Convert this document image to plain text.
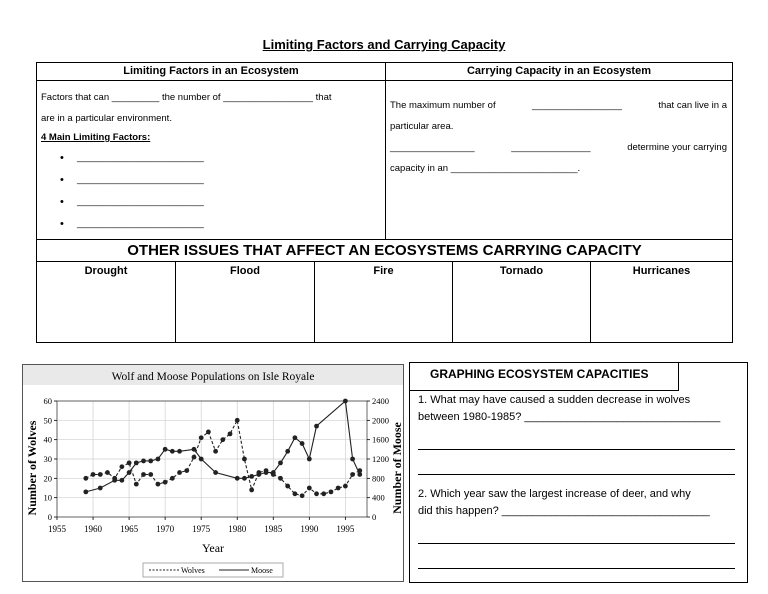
Limiting Factors and Carrying Capacity
Limiting Factors in an Ecosystem
Factors that can _________ the number of _________________ that
are in a particular environment.
4 Main Limiting Factors:
• ________________________
• ________________________
• ________________________
• ________________________
Carrying Capacity in an Ecosystem
The maximum number of	_________________	that can live in a
particular area.
________________	_______________	determine your carrying
capacity in an ________________________.
OTHER ISSUES THAT AFFECT AN ECOSYSTEMS CARRYING CAPACITY
Drought	Flood	Fire	Tornado	Hurricanes
Wolf and Moose Populations on Isle Royale
1955 1960 1965 1970 1975 1980 1985 1990 1995
0
10
20
30
40
50
60
0
400
800
1200
1600
2000
2400
Year
Number of Wolves	Number of Moose
Wolves	Moose
GRAPHING ECOSYSTEM CAPACITIES
1. What may have caused a sudden decrease in wolves
between 1980-1985? ________________________________
2. Which year saw the largest increase of deer, and why
did this happen? __________________________________
